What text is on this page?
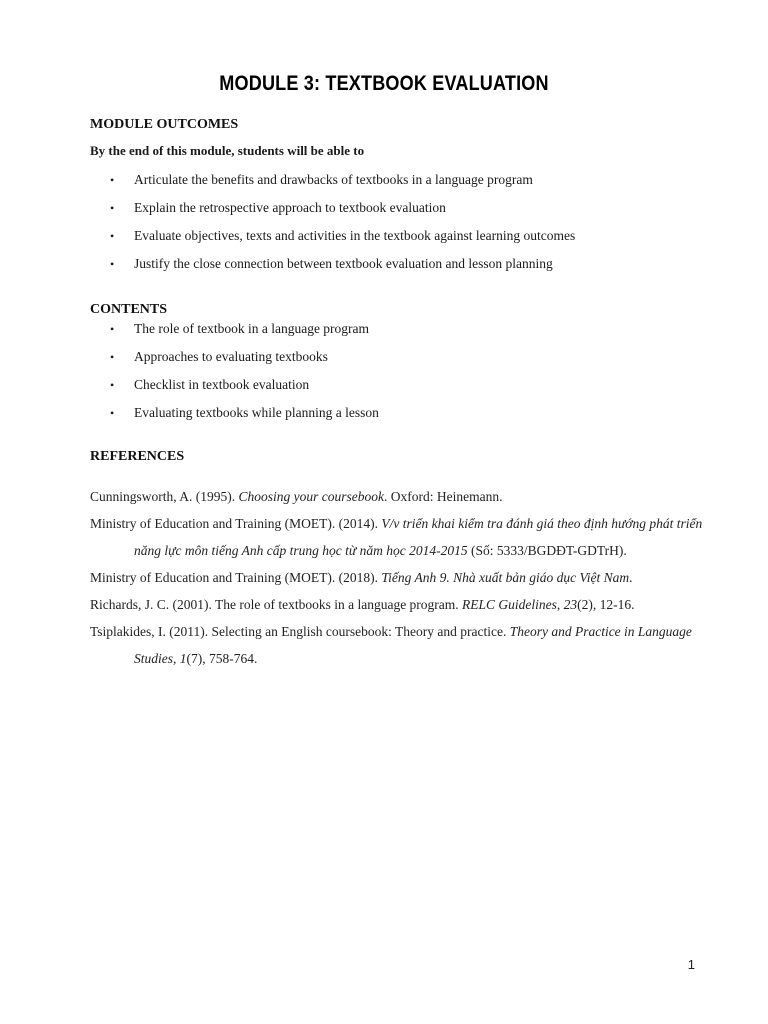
MODULE 3: TEXTBOOK EVALUATION
MODULE OUTCOMES
By the end of this module, students will be able to
• Articulate the benefits and drawbacks of textbooks in a language program
• Explain the retrospective approach to textbook evaluation
• Evaluate objectives, texts and activities in the textbook against learning outcomes
• Justify the close connection between textbook evaluation and lesson planning
CONTENTS
• The role of textbook in a language program
• Approaches to evaluating textbooks
• Checklist in textbook evaluation
• Evaluating textbooks while planning a lesson
REFERENCES

Cunningsworth, A. (1995). Choosing your coursebook. Oxford: Heinemann.

Ministry of Education and Training (MOET). (2014). V/v triển khai kiểm tra đánh giá theo định hướng phát triển năng lực môn tiếng Anh cấp trung học từ năm học 2014-2015 (Số: 5333/BGDĐT-GDTrH).

Ministry of Education and Training (MOET). (2018). Tiếng Anh 9. Nhà xuất bản giáo dục Việt Nam.

Richards, J. C. (2001). The role of textbooks in a language program. RELC Guidelines, 23(2), 12-16.

Tsiplakides, I. (2011). Selecting an English coursebook: Theory and practice. Theory and Practice in Language Studies, 1(7), 758-764.

1
